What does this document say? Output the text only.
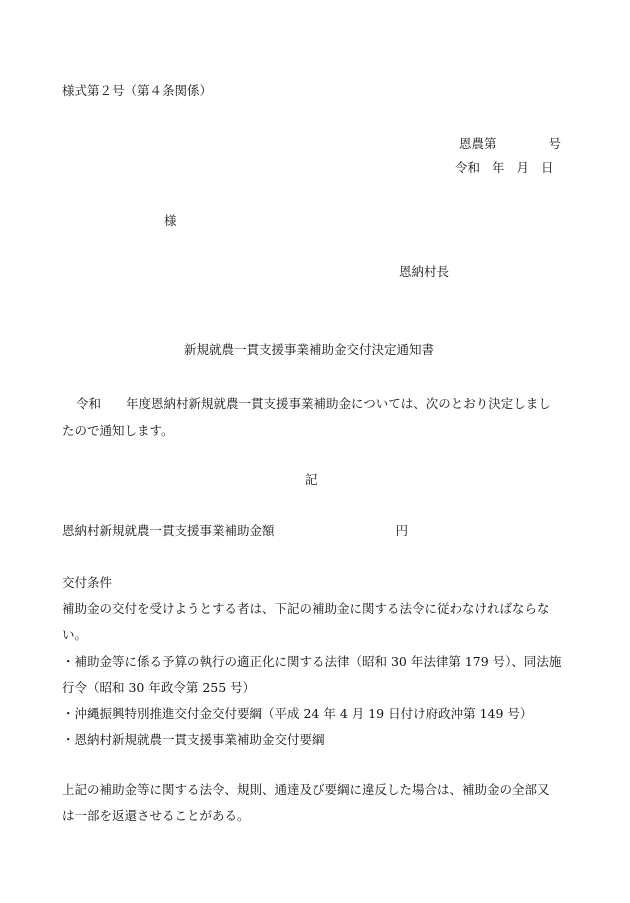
様式第２号（第４条関係）
恩農第	号
令和 年 月 日
様
恩納村長
新規就農一貫支援事業補助金交付決定通知書
令和 年度恩納村新規就農一貫支援事業補助金については、次のとおり決定しまし
たので通知します。
記
恩納村新規就農一貫支援事業補助金額	円
交付条件
補助金の交付を受けようとする者は、下記の補助金に関する法令に従わなければならな
い。
・補助金等に係る予算の執行の適正化に関する法律（昭和 30 年法律第 179 号）、同法施
行令（昭和 30 年政令第 255 号）
・沖縄振興特別推進交付金交付要綱（平成 24 年 4 月 19 日付け府政沖第 149 号）
・恩納村新規就農一貫支援事業補助金交付要綱
上記の補助金等に関する法令、規則、通達及び要綱に違反した場合は、補助金の全部又
は一部を返還させることがある。
